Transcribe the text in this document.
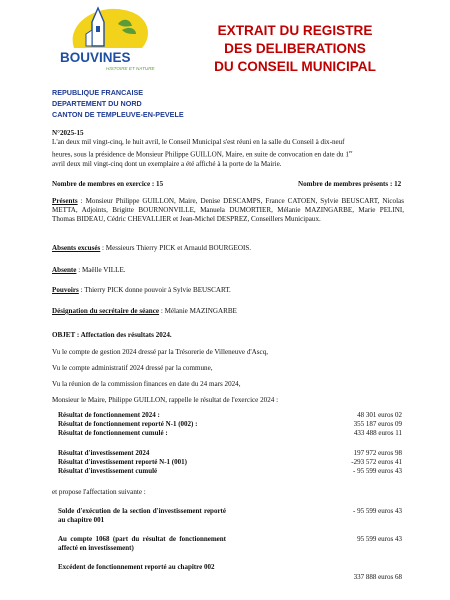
BOUVINES
HISTOIRE ET NATURE
EXTRAIT DU REGISTRE
DES DELIBERATIONS
DU CONSEIL MUNICIPAL
REPUBLIQUE FRANCAISE
DEPARTEMENT DU NORD
CANTON DE TEMPLEUVE-EN-PEVELE
N°2025-15
L'an deux mil vingt-cinq, le huit avril, le Conseil Municipal s'est réuni en la salle du Conseil à dix-neuf
heures, sous la présidence de Monsieur Philippe GUILLON, Maire, en suite de convocation en date du 1er
avril deux mil vingt-cinq dont un exemplaire a été affiché à la porte de la Mairie.
Nombre de membres en exercice : 15	Nombre de membres présents : 12
Présents : Monsieur Philippe GUILLON, Maire, Denise DESCAMPS, France CATOEN, Sylvie BEUSCART, Nicolas METTA, Adjoints, Brigitte BOURNONVILLE, Manuela DUMORTIER, Mélanie MAZINGARBE, Marie PELINI, Thomas BIDEAU, Cédric CHEVALLIER et Jean-Michel DESPREZ, Conseillers Municipaux.
Absents excusés : Messieurs Thierry PICK et Arnauld BOURGEOIS.
Absente : Maëlle VILLE.
Pouvoirs : Thierry PICK donne pouvoir à Sylvie BEUSCART.
Désignation du secrétaire de séance : Mélanie MAZINGARBE
OBJET : Affectation des résultats 2024.
Vu le compte de gestion 2024 dressé par la Trésorerie de Villeneuve d'Ascq,
Vu le compte administratif 2024 dressé par la commune,
Vu la réunion de la commission finances en date du 24 mars 2024,
Monsieur le Maire, Philippe GUILLON, rappelle le résultat de l'exercice 2024 :
Résultat de fonctionnement 2024 :	48 301 euros 02
Résultat de fonctionnement reporté N-1 (002) :	355 187 euros 09
Résultat de fonctionnement cumulé :	433 488 euros 11
Résultat d'investissement 2024	197 972 euros 98
Résultat d'investissement reporté N-1 (001)	-293 572 euros 41
Résultat d'investissement cumulé	- 95 599 euros 43
et propose l'affectation suivante :
Solde d'exécution de la section d'investissement reporté au chapitre 001
- 95 599 euros 43
Au compte 1068 (part du résultat de fonctionnement affecté en investissement)
95 599 euros 43
Excédent de fonctionnement reporté au chapitre 002
337 888 euros 68
